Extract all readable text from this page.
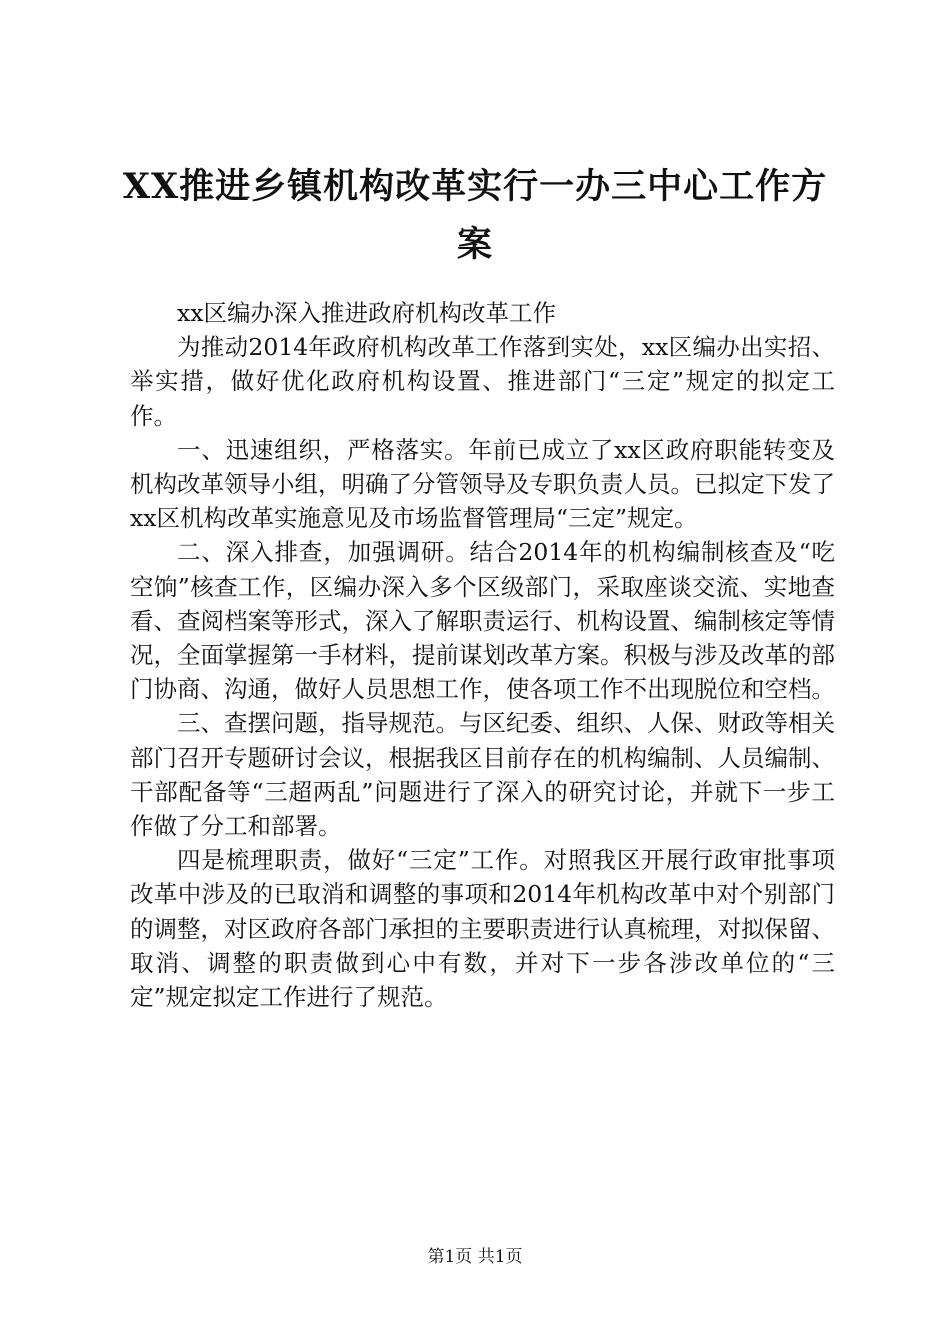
XX推进乡镇机构改革实行一办三中心工作方案

xx区编办深入推进政府机构改革工作

为推动2014年政府机构改革工作落到实处，xx区编办出实招、举实措，做好优化政府机构设置、推进部门“三定”规定的拟定工作。

一、迅速组织，严格落实。年前已成立了xx区政府职能转变及机构改革领导小组，明确了分管领导及专职负责人员。已拟定下发了xx区机构改革实施意见及市场监督管理局“三定”规定。

二、深入排查，加强调研。结合2014年的机构编制核查及“吃空饷”核查工作，区编办深入多个区级部门，采取座谈交流、实地查看、查阅档案等形式，深入了解职责运行、机构设置、编制核定等情况，全面掌握第一手材料，提前谋划改革方案。积极与涉及改革的部门协商、沟通，做好人员思想工作，使各项工作不出现脱位和空档。

三、查摆问题，指导规范。与区纪委、组织、人保、财政等相关部门召开专题研讨会议，根据我区目前存在的机构编制、人员编制、干部配备等“三超两乱”问题进行了深入的研究讨论，并就下一步工作做了分工和部署。

四是梳理职责，做好“三定”工作。对照我区开展行政审批事项改革中涉及的已取消和调整的事项和2014年机构改革中对个别部门的调整，对区政府各部门承担的主要职责进行认真梳理，对拟保留、取消、调整的职责做到心中有数，并对下一步各涉改单位的“三定”规定拟定工作进行了规范。

第1页 共1页
